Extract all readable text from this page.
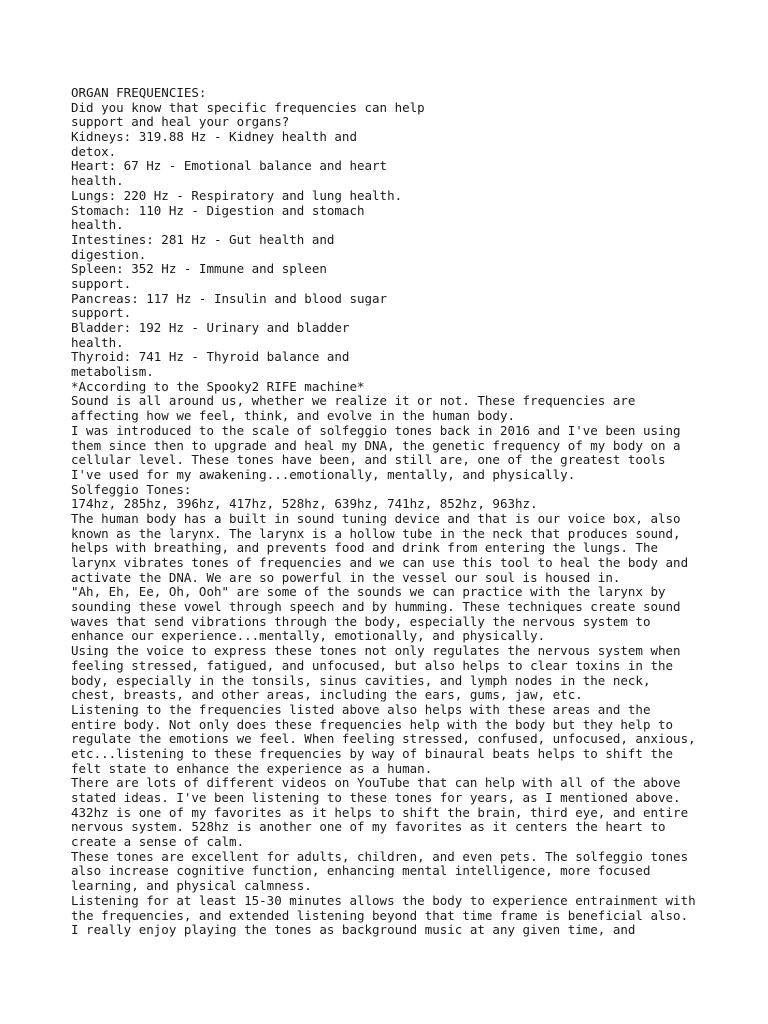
ORGAN FREQUENCIES:
Did you know that specific frequencies can help
support and heal your organs?
Kidneys: 319.88 Hz - Kidney health and
detox.
Heart: 67 Hz - Emotional balance and heart
health.
Lungs: 220 Hz - Respiratory and lung health.
Stomach: 110 Hz - Digestion and stomach
health.
Intestines: 281 Hz - Gut health and
digestion.
Spleen: 352 Hz - Immune and spleen
support.
Pancreas: 117 Hz - Insulin and blood sugar
support.
Bladder: 192 Hz - Urinary and bladder
health.
Thyroid: 741 Hz - Thyroid balance and
metabolism.
*According to the Spooky2 RIFE machine*
Sound is all around us, whether we realize it or not. These frequencies are
affecting how we feel, think, and evolve in the human body.
I was introduced to the scale of solfeggio tones back in 2016 and I've been using
them since then to upgrade and heal my DNA, the genetic frequency of my body on a
cellular level. These tones have been, and still are, one of the greatest tools
I've used for my awakening...emotionally, mentally, and physically.
Solfeggio Tones:
174hz, 285hz, 396hz, 417hz, 528hz, 639hz, 741hz, 852hz, 963hz.
The human body has a built in sound tuning device and that is our voice box, also
known as the larynx. The larynx is a hollow tube in the neck that produces sound,
helps with breathing, and prevents food and drink from entering the lungs. The
larynx vibrates tones of frequencies and we can use this tool to heal the body and
activate the DNA. We are so powerful in the vessel our soul is housed in.
"Ah, Eh, Ee, Oh, Ooh" are some of the sounds we can practice with the larynx by
sounding these vowel through speech and by humming. These techniques create sound
waves that send vibrations through the body, especially the nervous system to
enhance our experience...mentally, emotionally, and physically.
Using the voice to express these tones not only regulates the nervous system when
feeling stressed, fatigued, and unfocused, but also helps to clear toxins in the
body, especially in the tonsils, sinus cavities, and lymph nodes in the neck,
chest, breasts, and other areas, including the ears, gums, jaw, etc.
Listening to the frequencies listed above also helps with these areas and the
entire body. Not only does these frequencies help with the body but they help to
regulate the emotions we feel. When feeling stressed, confused, unfocused, anxious,
etc...listening to these frequencies by way of binaural beats helps to shift the
felt state to enhance the experience as a human.
There are lots of different videos on YouTube that can help with all of the above
stated ideas. I've been listening to these tones for years, as I mentioned above.
432hz is one of my favorites as it helps to shift the brain, third eye, and entire
nervous system. 528hz is another one of my favorites as it centers the heart to
create a sense of calm.
These tones are excellent for adults, children, and even pets. The solfeggio tones
also increase cognitive function, enhancing mental intelligence, more focused
learning, and physical calmness.
Listening for at least 15-30 minutes allows the body to experience entrainment with
the frequencies, and extended listening beyond that time frame is beneficial also.
I really enjoy playing the tones as background music at any given time, and
